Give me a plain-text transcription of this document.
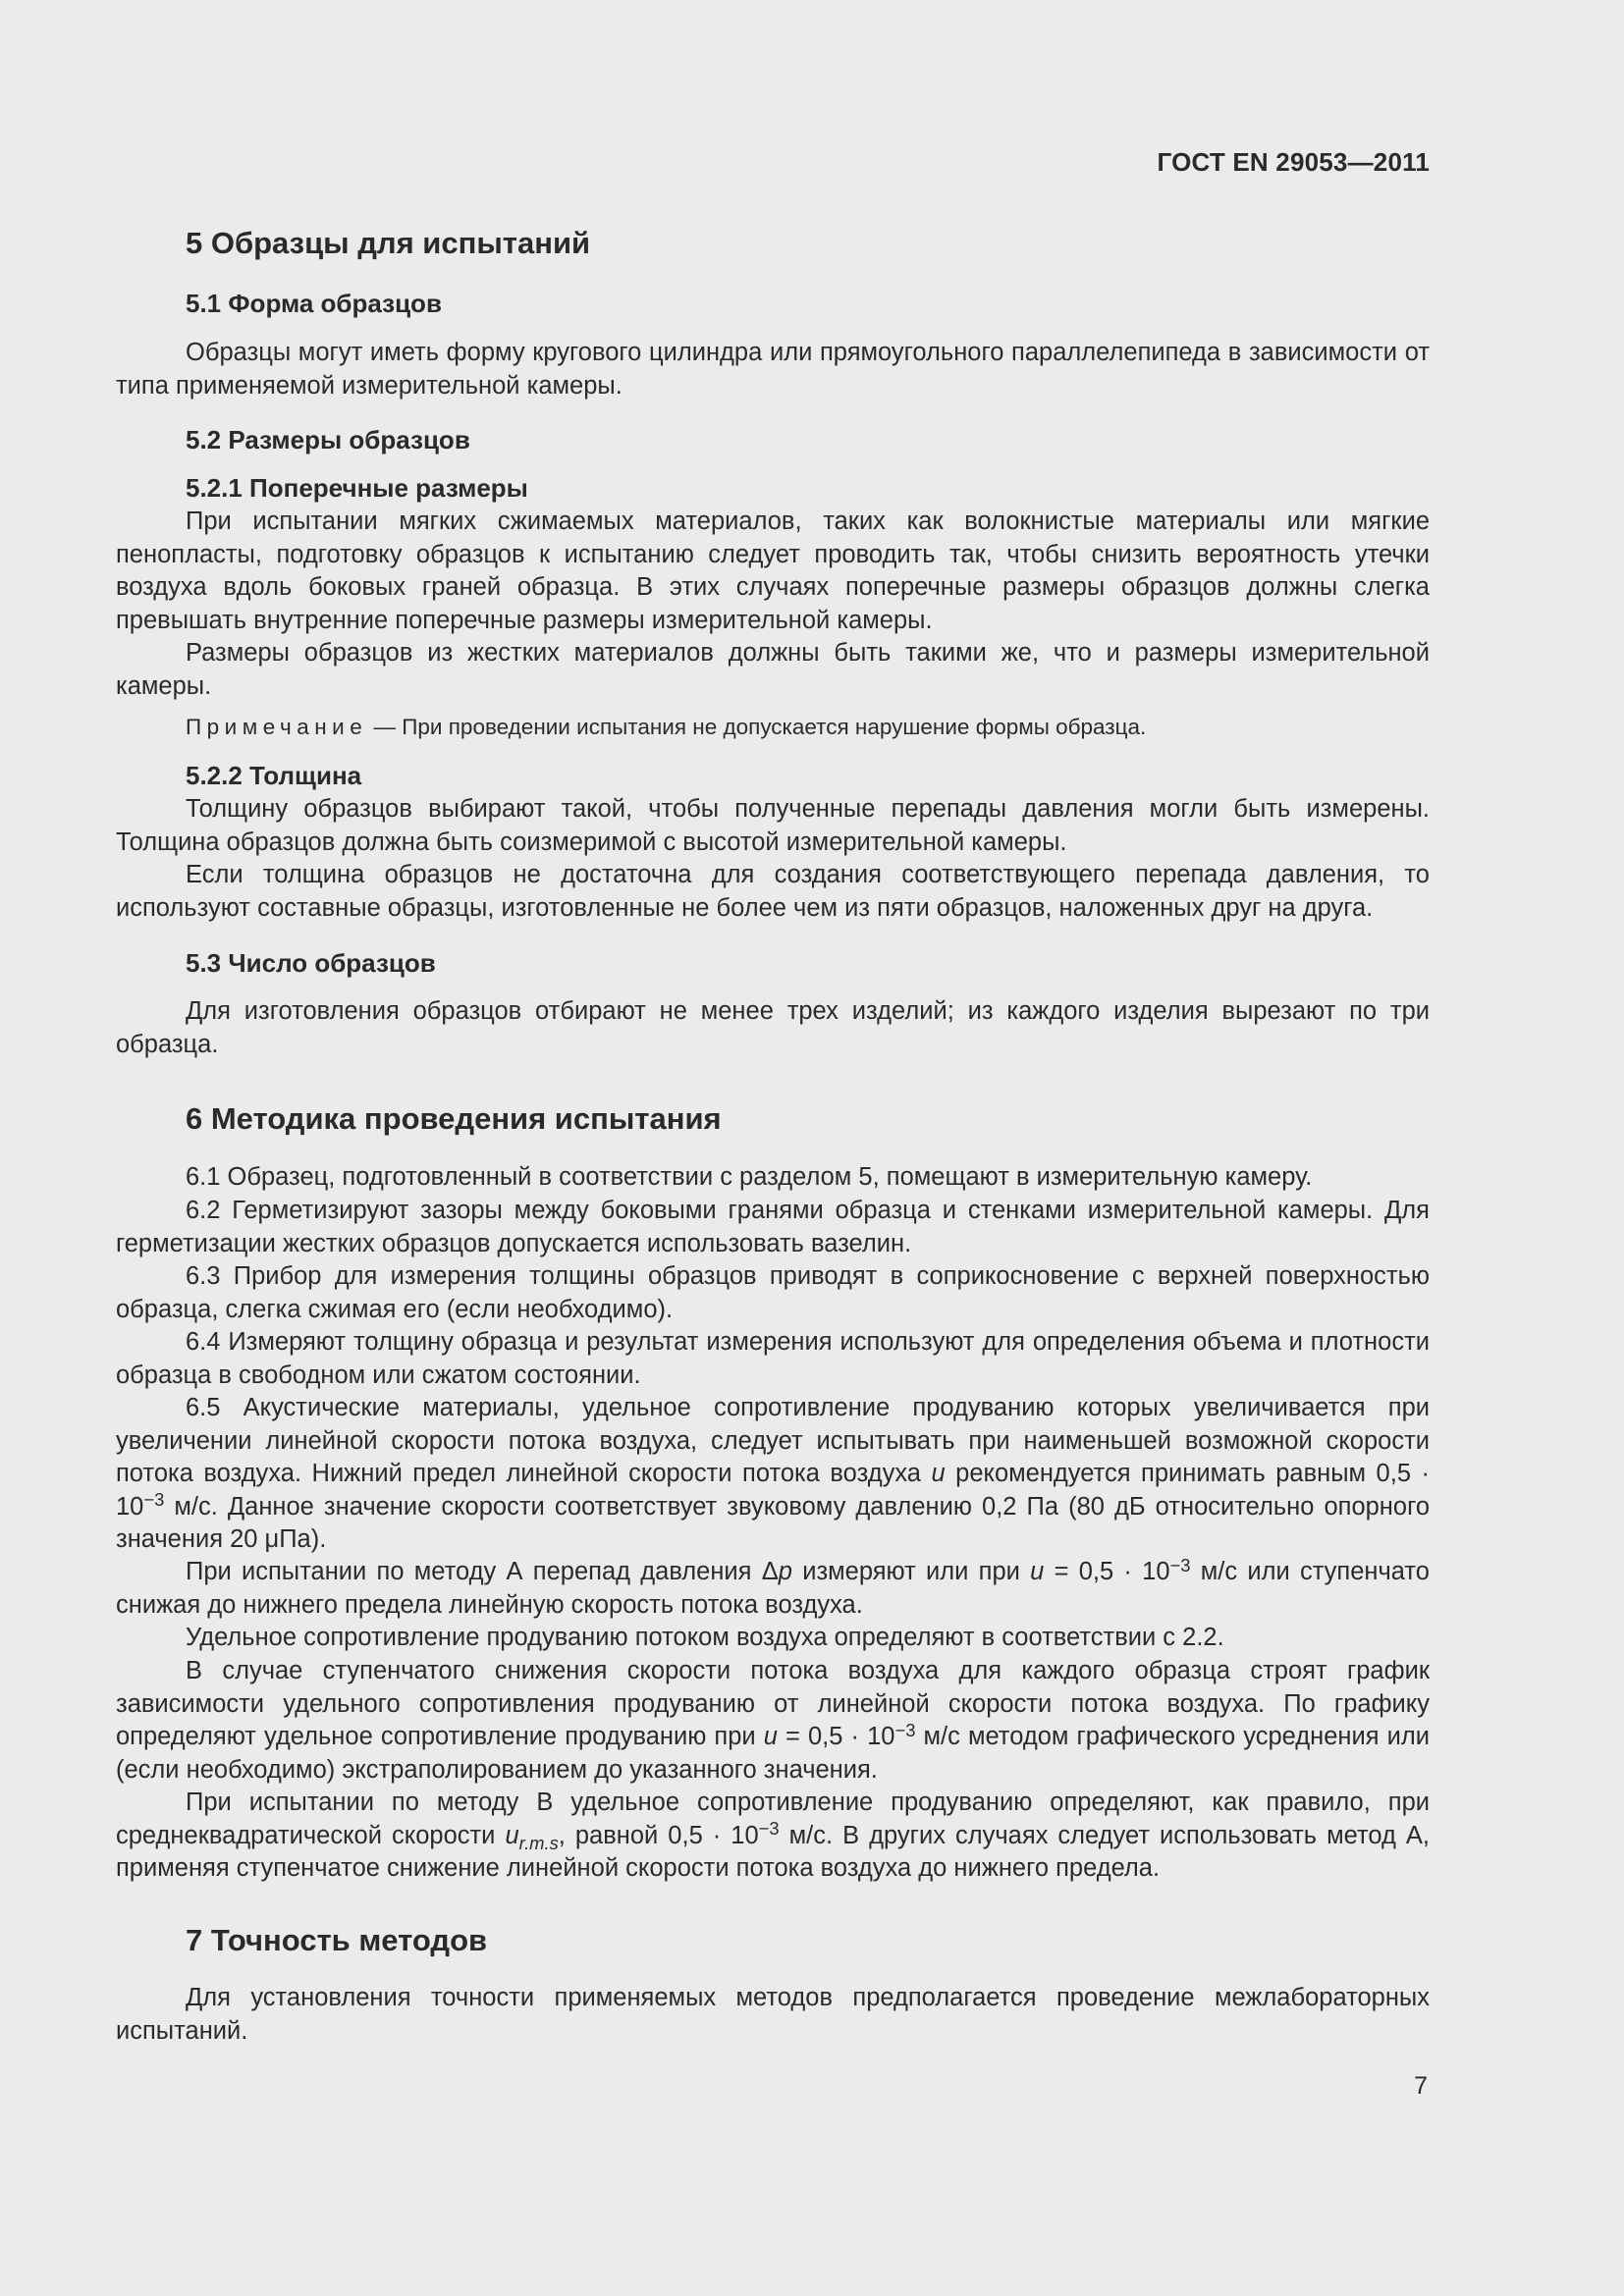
ГОСТ EN 29053—2011
5 Образцы для испытаний
5.1 Форма образцов

Образцы могут иметь форму кругового цилиндра или прямоугольного параллелепипеда в зависимости от типа применяемой измерительной камеры.

5.2 Размеры образцов
5.2.1 Поперечные размеры

При испытании мягких сжимаемых материалов, таких как волокнистые материалы или мягкие пенопласты, подготовку образцов к испытанию следует проводить так, чтобы снизить вероятность утечки воздуха вдоль боковых граней образца. В этих случаях поперечные размеры образцов должны слегка превышать внутренние поперечные размеры измерительной камеры.

Размеры образцов из жестких материалов должны быть такими же, что и размеры измерительной камеры.

Примечание — При проведении испытания не допускается нарушение формы образца.
5.2.2 Толщина

Толщину образцов выбирают такой, чтобы полученные перепады давления могли быть измерены. Толщина образцов должна быть соизмеримой с высотой измерительной камеры.

Если толщина образцов не достаточна для создания соответствующего перепада давления, то используют составные образцы, изготовленные не более чем из пяти образцов, наложенных друг на друга.

5.3 Число образцов

Для изготовления образцов отбирают не менее трех изделий; из каждого изделия вырезают по три образца.

6 Методика проведения испытания

6.1 Образец, подготовленный в соответствии с разделом 5, помещают в измерительную камеру.

6.2 Герметизируют зазоры между боковыми гранями образца и стенками измерительной камеры. Для герметизации жестких образцов допускается использовать вазелин.

6.3 Прибор для измерения толщины образцов приводят в соприкосновение с верхней поверхностью образца, слегка сжимая его (если необходимо).

6.4 Измеряют толщину образца и результат измерения используют для определения объема и плотности образца в свободном или сжатом состоянии.

6.5 Акустические материалы, удельное сопротивление продуванию которых увеличивается при увеличении линейной скорости потока воздуха, следует испытывать при наименьшей возможной скорости потока воздуха. Нижний предел линейной скорости потока воздуха u рекомендуется принимать равным $0,5 \cdot 10^{-3}$ м/с. Данное значение скорости соответствует звуковому давлению 0,2 Па (80 дБ относительно опорного значения 20 μПа).

При испытании по методу А перепад давления Δp измеряют или при $u = 0,5 \cdot 10^{-3}$ м/с или ступенчато снижая до нижнего предела линейную скорость потока воздуха.

Удельное сопротивление продуванию потоком воздуха определяют в соответствии с 2.2.

В случае ступенчатого снижения скорости потока воздуха для каждого образца строят график зависимости удельного сопротивления продуванию от линейной скорости потока воздуха. По графику определяют удельное сопротивление продуванию при $u = 0,5 \cdot 10^{-3}$ м/с методом графического усреднения или (если необходимо) экстраполированием до указанного значения.

При испытании по методу В удельное сопротивление продуванию определяют, как правило, при среднеквадратической скорости $u_{r.m.s}$, равной $0,5 \cdot 10^{-3}$ м/с. В других случаях следует использовать метод А, применяя ступенчатое снижение линейной скорости потока воздуха до нижнего предела.

7 Точность методов

Для установления точности применяемых методов предполагается проведение межлабораторных испытаний.

7
